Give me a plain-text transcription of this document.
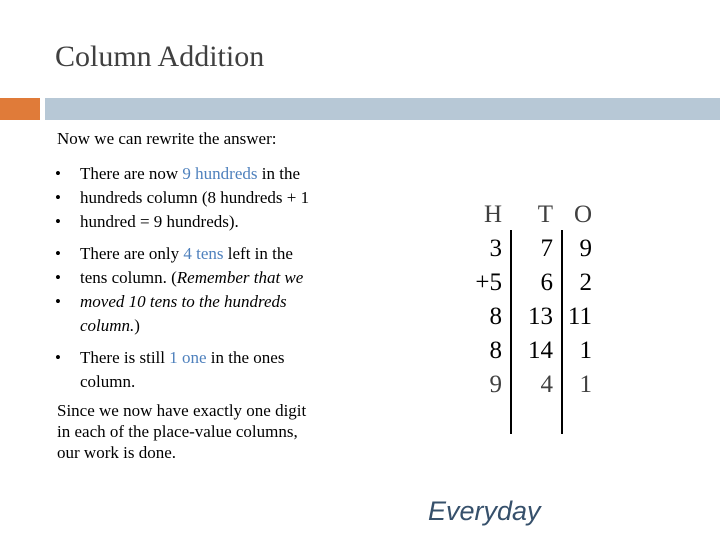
Column Addition
Now we can rewrite the answer:
• There are now 9 hundreds in the
• hundreds column (8 hundreds + 1
• hundred = 9 hundreds).
• There are only 4 tens left in the
• tens column. (Remember that we
• moved 10 tens to the hundreds
column.)
• There is still 1 one in the ones
column.
Since we now have exactly one digit
in each of the place-value columns,
our work is done.
H	T O
3	7	9
+5	6	2
8	13 11
8	14	1
9	4	1
Everyday
